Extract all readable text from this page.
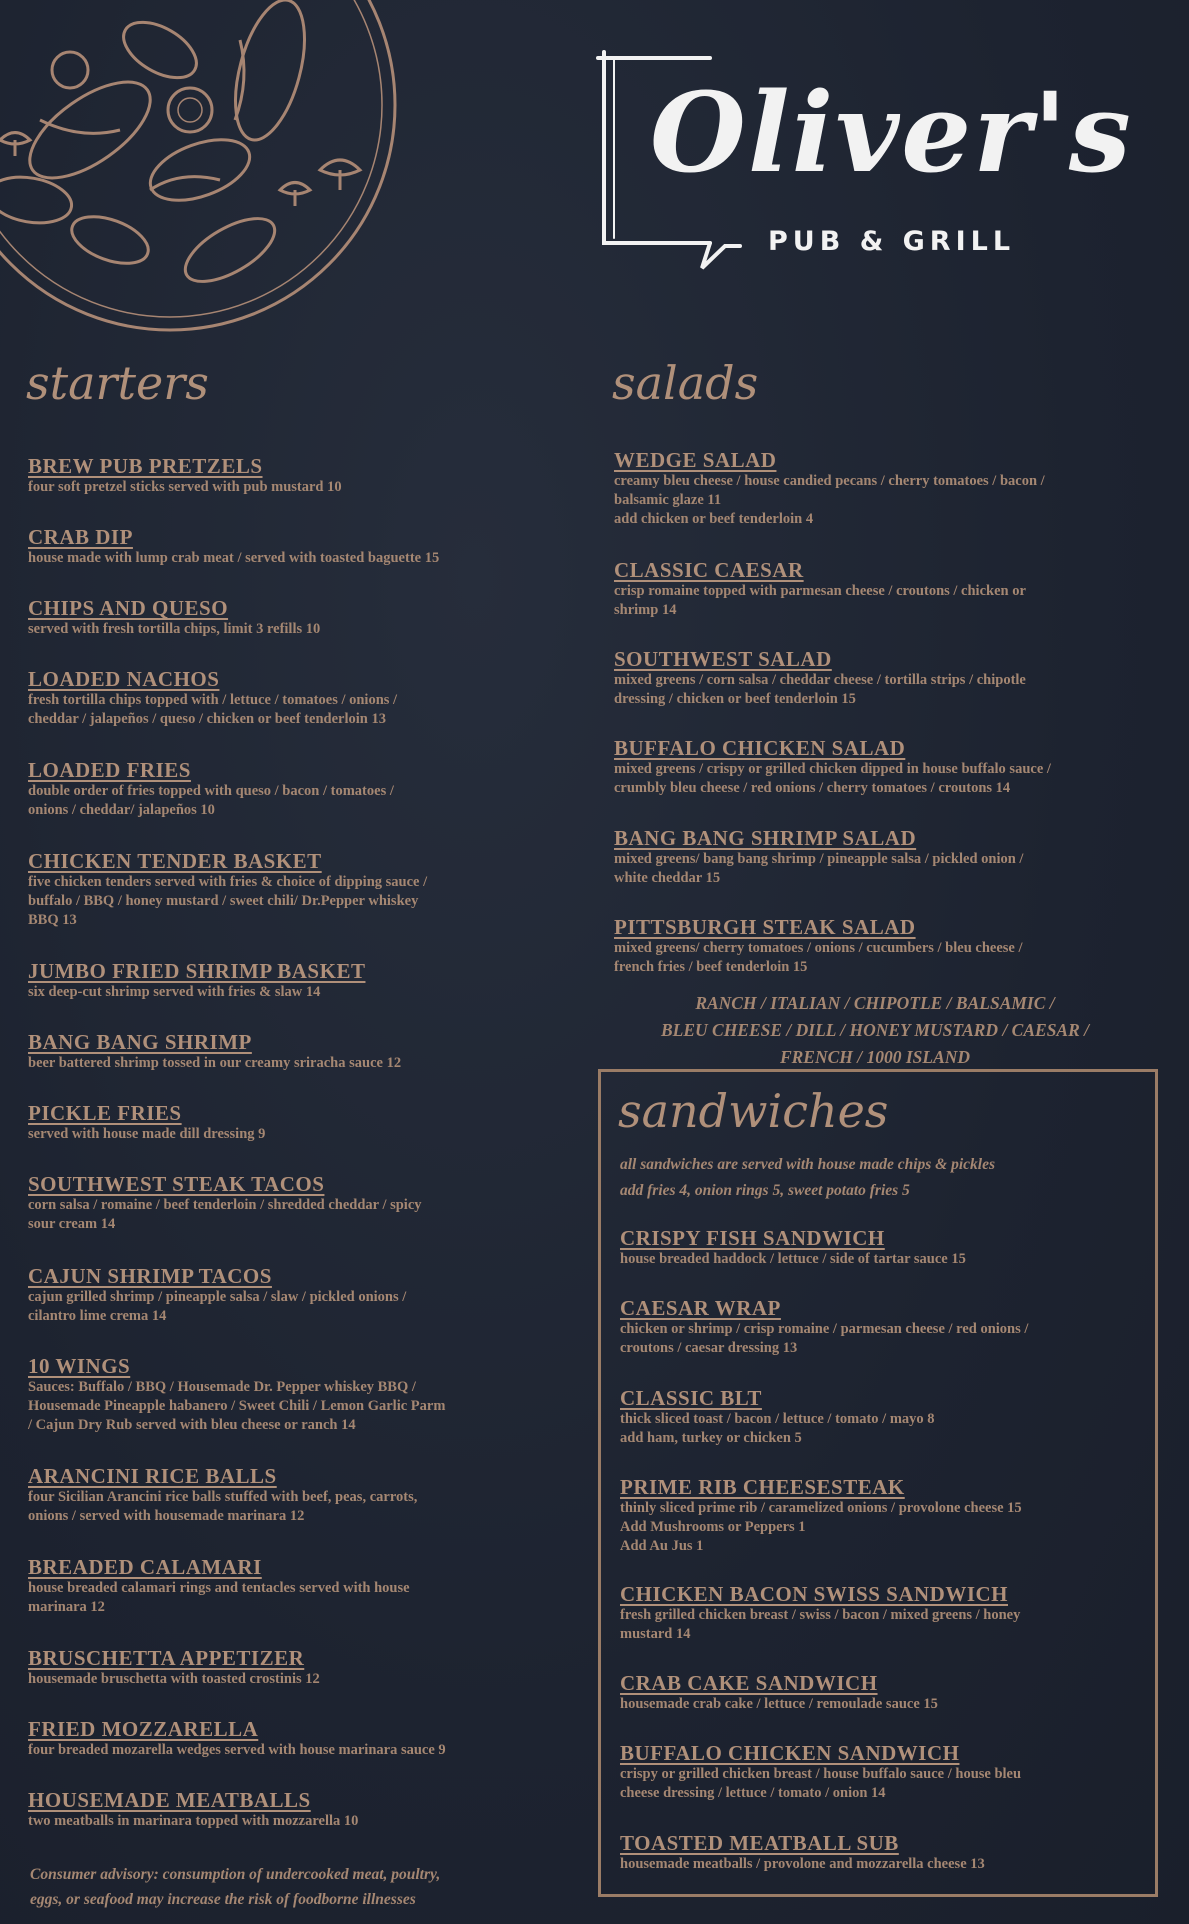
Oliver's
PUB & GRILL
starters
BREW PUB PRETZELS
four soft pretzel sticks served with pub mustard 10
CRAB DIP
house made with lump crab meat / served with toasted baguette 15
CHIPS AND QUESO
served with fresh tortilla chips, limit 3 refills 10
LOADED NACHOS
fresh tortilla chips topped with / lettuce / tomatoes / onions /
cheddar / jalapeños / queso / chicken or beef tenderloin 13
LOADED FRIES
double order of fries topped with queso / bacon / tomatoes /
onions / cheddar/ jalapeños 10
CHICKEN TENDER BASKET
five chicken tenders served with fries & choice of dipping sauce /
buffalo / BBQ / honey mustard / sweet chili/ Dr.Pepper whiskey
BBQ 13
JUMBO FRIED SHRIMP BASKET
six deep-cut shrimp served with fries & slaw 14
BANG BANG SHRIMP
beer battered shrimp tossed in our creamy sriracha sauce 12
PICKLE FRIES
served with house made dill dressing 9
SOUTHWEST STEAK TACOS
corn salsa / romaine / beef tenderloin / shredded cheddar / spicy
sour cream 14
CAJUN SHRIMP TACOS
cajun grilled shrimp / pineapple salsa / slaw / pickled onions /
cilantro lime crema 14
10 WINGS
Sauces: Buffalo / BBQ / Housemade Dr. Pepper whiskey BBQ /
Housemade Pineapple habanero / Sweet Chili / Lemon Garlic Parm
/ Cajun Dry Rub served with bleu cheese or ranch 14
ARANCINI RICE BALLS
four Sicilian Arancini rice balls stuffed with beef, peas, carrots,
onions / served with housemade marinara 12
BREADED CALAMARI
house breaded calamari rings and tentacles served with house
marinara 12
BRUSCHETTA APPETIZER
housemade bruschetta with toasted crostinis 12
FRIED MOZZARELLA
four breaded mozarella wedges served with house marinara sauce 9
HOUSEMADE MEATBALLS
two meatballs in marinara topped with mozzarella 10
salads
WEDGE SALAD
creamy bleu cheese / house candied pecans / cherry tomatoes / bacon /
balsamic glaze 11
add chicken or beef tenderloin 4
CLASSIC CAESAR
crisp romaine topped with parmesan cheese / croutons / chicken or
shrimp 14
SOUTHWEST SALAD
mixed greens / corn salsa / cheddar cheese / tortilla strips / chipotle
dressing / chicken or beef tenderloin 15
BUFFALO CHICKEN SALAD
mixed greens / crispy or grilled chicken dipped in house buffalo sauce /
crumbly bleu cheese / red onions / cherry tomatoes / croutons 14
BANG BANG SHRIMP SALAD
mixed greens/ bang bang shrimp / pineapple salsa / pickled onion /
white cheddar 15
PITTSBURGH STEAK SALAD
mixed greens/ cherry tomatoes / onions / cucumbers / bleu cheese /
french fries / beef tenderloin 15
RANCH / ITALIAN / CHIPOTLE / BALSAMIC /
BLEU CHEESE / DILL / HONEY MUSTARD / CAESAR /
FRENCH / 1000 ISLAND
sandwiches
all sandwiches are served with house made chips & pickles
add fries 4, onion rings 5, sweet potato fries 5
CRISPY FISH SANDWICH
house breaded haddock / lettuce / side of tartar sauce 15
CAESAR WRAP
chicken or shrimp / crisp romaine / parmesan cheese / red onions /
croutons / caesar dressing 13
CLASSIC BLT
thick sliced toast / bacon / lettuce / tomato / mayo 8
add ham, turkey or chicken 5
PRIME RIB CHEESESTEAK
thinly sliced prime rib / caramelized onions / provolone cheese 15
Add Mushrooms or Peppers 1
Add Au Jus 1
CHICKEN BACON SWISS SANDWICH
fresh grilled chicken breast / swiss / bacon / mixed greens / honey
mustard 14
CRAB CAKE SANDWICH
housemade crab cake / lettuce / remoulade sauce 15
BUFFALO CHICKEN SANDWICH
crispy or grilled chicken breast / house buffalo sauce / house bleu
cheese dressing / lettuce / tomato / onion 14
TOASTED MEATBALL SUB
housemade meatballs / provolone and mozzarella cheese 13
Consumer advisory: consumption of undercooked meat, poultry,
eggs, or seafood may increase the risk of foodborne illnesses
